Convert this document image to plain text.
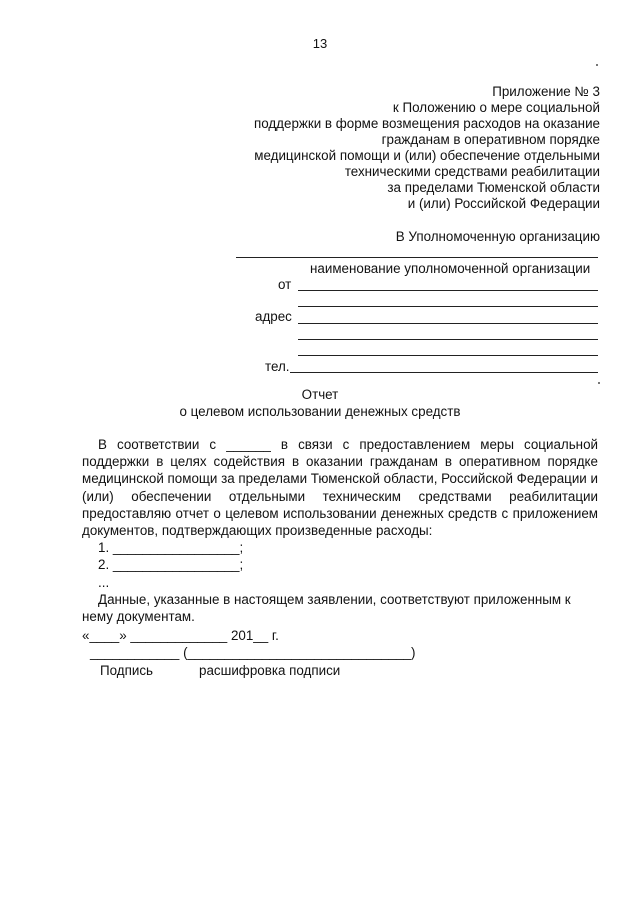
13
Приложение № 3
к Положению о мере социальной
поддержки в форме возмещения расходов на оказание
гражданам в оперативном порядке
медицинской помощи и (или) обеспечение отдельными
техническими средствами реабилитации
за пределами Тюменской области
и (или) Российской Федерации
В Уполномоченную организацию
наименование уполномоченной организации
от
адрес
тел.
Отчет
о целевом использовании денежных средств
В соответствии с ______ в связи с предоставлением меры социальной поддержки в целях содействия в оказании гражданам в оперативном порядке медицинской помощи за пределами Тюменской области, Российской Федерации и (или) обеспечении отдельными техническим средствами реабилитации предоставляю отчет о целевом использовании денежных средств с приложением документов, подтверждающих произведенные расходы:
1. _________________;
2. _________________;
...
Данные, указанные в настоящем заявлении, соответствуют приложенным к нему документам.
«____» _____________ 201__ г.
____________ (______________________________)
Подпись	расшифровка подписи
